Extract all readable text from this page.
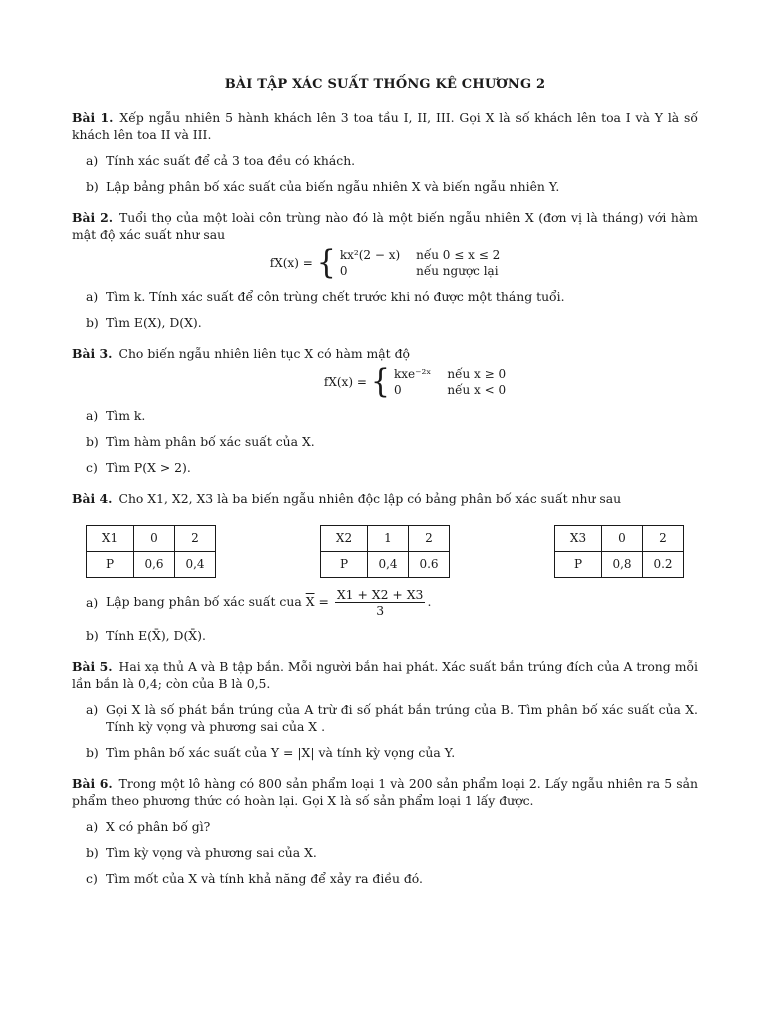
BÀI TẬP XÁC SUẤT THỐNG KÊ CHƯƠNG 2
Bài 1. Xếp ngẫu nhiên 5 hành khách lên 3 toa tầu I, II, III. Gọi X là số khách lên toa I và Y là số khách lên toa II và III.
a) Tính xác suất để cả 3 toa đều có khách.
b) Lập bảng phân bố xác suất của biến ngẫu nhiên X và biến ngẫu nhiên Y.
Bài 2. Tuổi thọ của một loài côn trùng nào đó là một biến ngẫu nhiên X (đơn vị là tháng) với hàm mật độ xác suất như sau
fX(x) = { kx²(2 − x) nếu 0 ≤ x ≤ 2
0	nếu ngược lại
a) Tìm k. Tính xác suất để côn trùng chết trước khi nó được một tháng tuổi.
b) Tìm E(X), D(X).
Bài 3. Cho biến ngẫu nhiên liên tục X có hàm mật độ
fX(x) = { kxe⁻²ˣ nếu x ≥ 0
0	nếu x < 0
a) Tìm k.
b) Tìm hàm phân bố xác suất của X.
c) Tìm P(X > 2).
Bài 4. Cho X1, X2, X3 là ba biến ngẫu nhiên độc lập có bảng phân bố xác suất như sau
X1	0	2
P	0,6	0,4
X2	1	2
P	0,4	0.6
X3	0	2
P	0,8	0.2
a) Lập bang phân bố xác suất cua $\overline{X} = \frac{X1 + X2 + X3}{3}$ .
b) Tính E(X̄), D(X̄).
Bài 5. Hai xạ thủ A và B tập bắn. Mỗi người bắn hai phát. Xác suất bắn trúng đích của A trong mỗi lần bắn là 0,4; còn của B là 0,5.
a) Gọi X là số phát bắn trúng của A trừ đi số phát bắn trúng của B. Tìm phân bố xác suất của X. Tính kỳ vọng và phương sai của X .
b) Tìm phân bố xác suất của Y = |X| và tính kỳ vọng của Y.
Bài 6. Trong một lô hàng có 800 sản phẩm loại 1 và 200 sản phẩm loại 2. Lấy ngẫu nhiên ra 5 sản phẩm theo phương thức có hoàn lại. Gọi X là số sản phẩm loại 1 lấy được.
a) X có phân bố gì?
b) Tìm kỳ vọng và phương sai của X.
c) Tìm mốt của X và tính khả năng để xảy ra điều đó.
